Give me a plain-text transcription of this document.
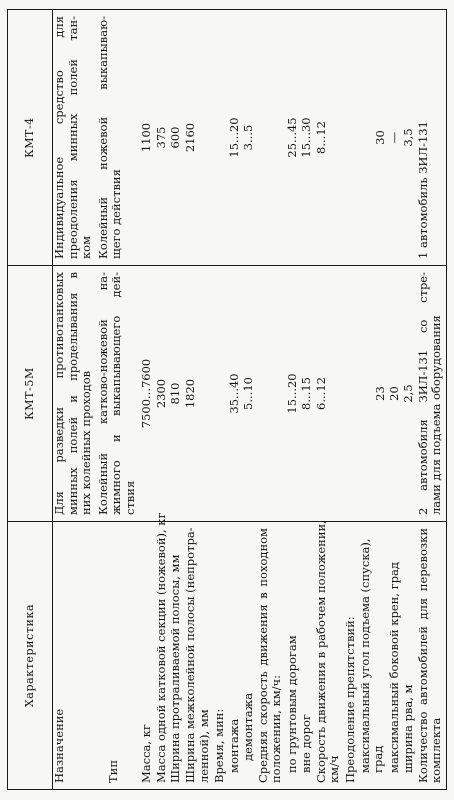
Характеристика	КМТ-5М	КМТ-4

Назначение	Для разведки противотанковых минных полей и проделывания в них колейных проходов	Индивидуальное средство для преодоления минных полей тан- ком

Тип	Колейный катково-ножевой на- жимного и выкапывающего дей- ствия	Колейный ножевой выкапываю- щего действия

Масса, кг	7500...7600	1100

Масса одной катковой секции (ножевой), кг	2300	375

Ширина протраливаемой полосы, мм	810	600

Ширина межколейной полосы (непротра- ленной), мм	1820	2160

Время, мин:		

монтажа	35...40	15...20

демонтажа	5...10	3...5

Средняя скорость движения в походном положении, км/ч:		

по грунтовым дорогам	15...20	25...45

вне дорог	8...15	15...30

Скорость движения в рабочем положении, км/ч	6...12	8...12

Преодоление препятствий:		

максимальный угол подъема (спуска), град	23	30

максимальный боковой крен, град	20	—

ширина рва, м	2,5	3,5

Количество автомобилей для перевозки комплекта	2 автомобиля ЗИЛ-131 со стре- лами для подъема оборудования	1 автомобиль ЗИЛ-131
